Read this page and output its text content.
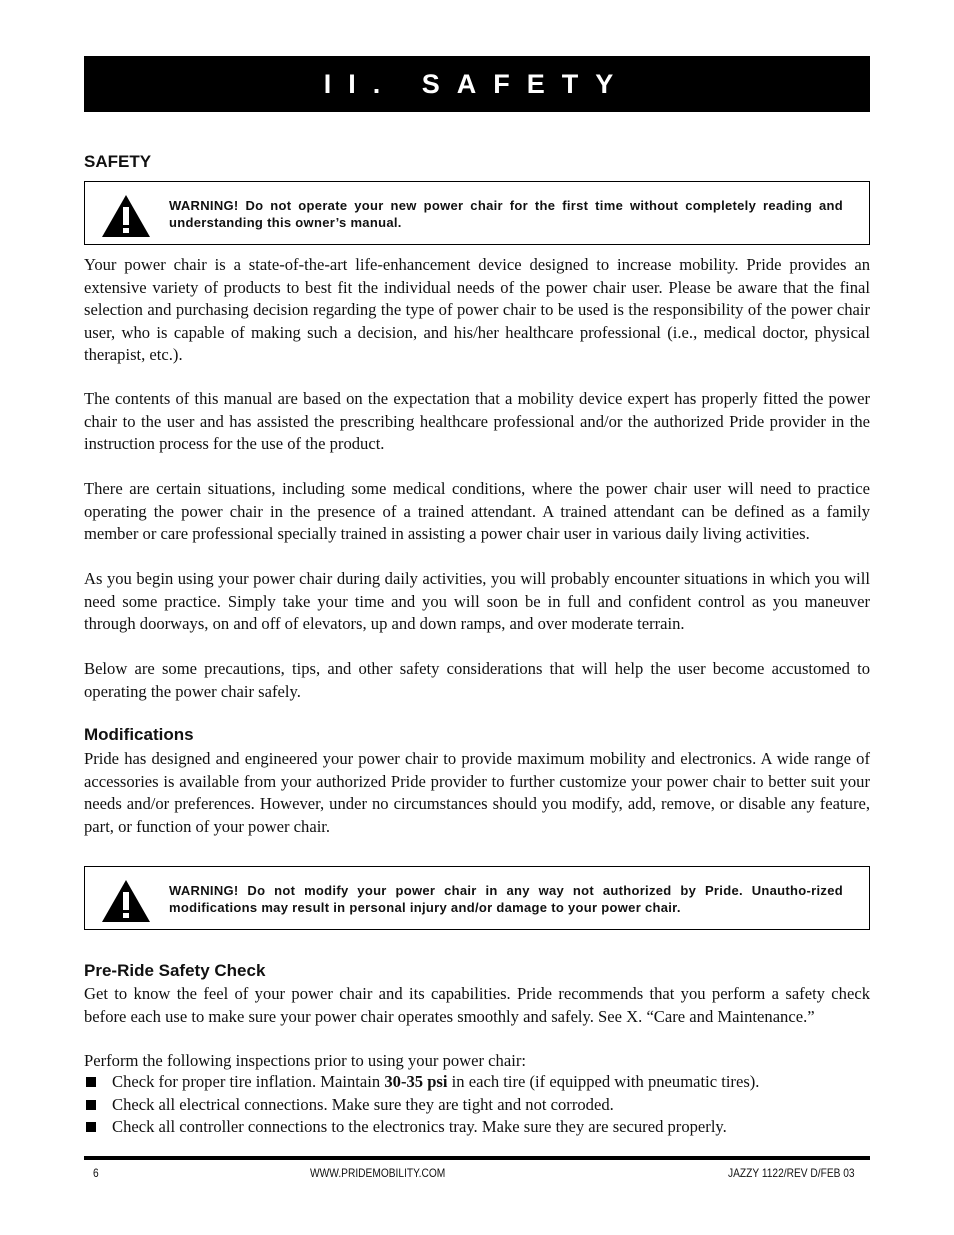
II. SAFETY
SAFETY
WARNING! Do not operate your new power chair for the first time without completely reading and understanding this owner’s manual.

Your power chair is a state-of-the-art life-enhancement device designed to increase mobility. Pride provides an extensive variety of products to best fit the individual needs of the power chair user. Please be aware that the final selection and purchasing decision regarding the type of power chair to be used is the responsibility of the power chair user, who is capable of making such a decision, and his/her healthcare professional (i.e., medical doctor, physical therapist, etc.).

The contents of this manual are based on the expectation that a mobility device expert has properly fitted the power chair to the user and has assisted the prescribing healthcare professional and/or the authorized Pride provider in the instruction process for the use of the product.

There are certain situations, including some medical conditions, where the power chair user will need to practice operating the power chair in the presence of a trained attendant. A trained attendant can be defined as a family member or care professional specially trained in assisting a power chair user in various daily living activities.

As you begin using your power chair during daily activities, you will probably encounter situations in which you will need some practice. Simply take your time and you will soon be in full and confident control as you maneuver through doorways, on and off of elevators, up and down ramps, and over moderate terrain.

Below are some precautions, tips, and other safety considerations that will help the user become accustomed to operating the power chair safely.

Modifications

Pride has designed and engineered your power chair to provide maximum mobility and electronics. A wide range of accessories is available from your authorized Pride provider to further customize your power chair to better suit your needs and/or preferences. However, under no circumstances should you modify, add, remove, or disable any feature, part, or function of your power chair.

WARNING! Do not modify your power chair in any way not authorized by Pride. Unautho-rized modifications may result in personal injury and/or damage to your power chair.
Pre-Ride Safety Check

Get to know the feel of your power chair and its capabilities. Pride recommends that you perform a safety check before each use to make sure your power chair operates smoothly and safely. See X. “Care and Maintenance.”

Perform the following inspections prior to using your power chair:

Check for proper tire inflation. Maintain 30-35 psi in each tire (if equipped with pneumatic tires).
Check all electrical connections. Make sure they are tight and not corroded.
Check all controller connections to the electronics tray. Make sure they are secured properly.
6	WWW.PRIDEMOBILITY.COM	JAZZY 1122/REV D/FEB 03
